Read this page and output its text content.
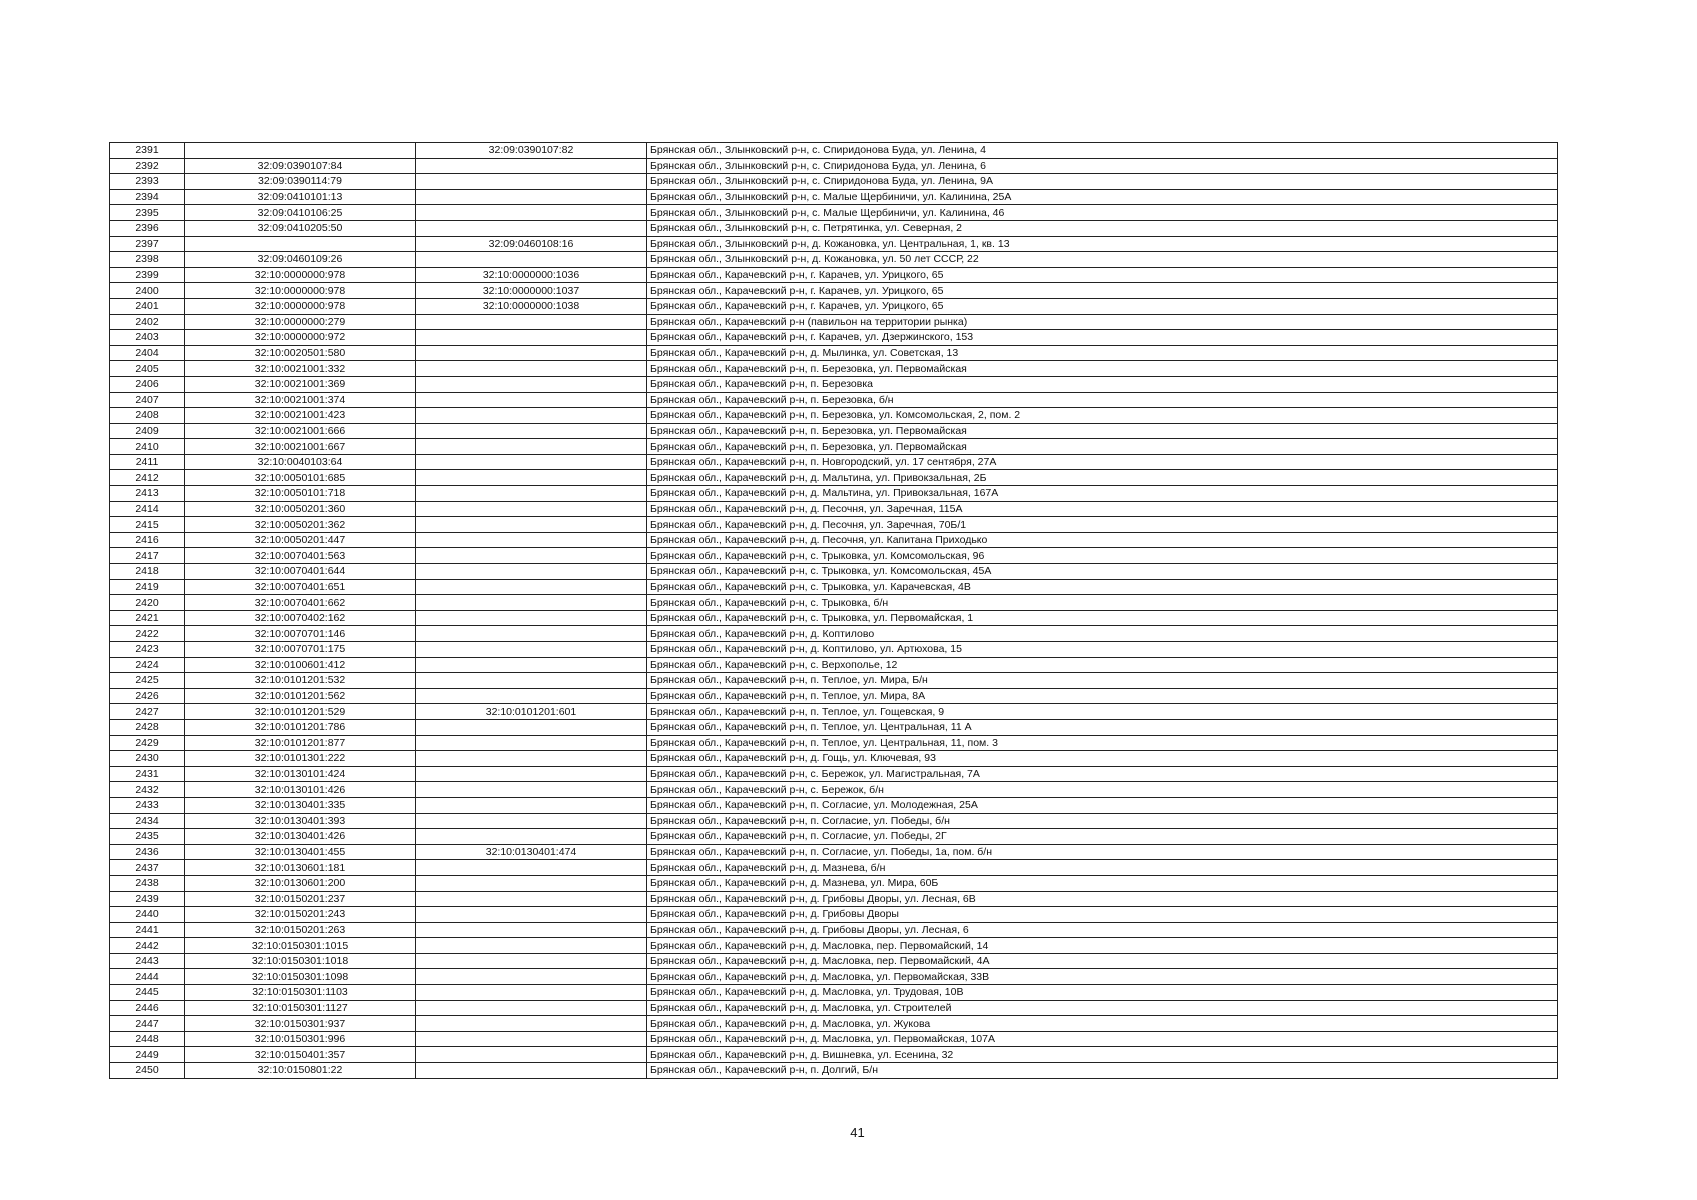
2391		32:09:0390107:82	Брянская обл., Злынковский р-н, с. Спиридонова Буда, ул. Ленина, 4
2392	32:09:0390107:84		Брянская обл., Злынковский р-н, с. Спиридонова Буда, ул. Ленина, 6
2393	32:09:0390114:79		Брянская обл., Злынковский р-н, с. Спиридонова Буда, ул. Ленина, 9А
2394	32:09:0410101:13		Брянская обл., Злынковский р-н, с. Малые Щербиничи, ул. Калинина, 25А
2395	32:09:0410106:25		Брянская обл., Злынковский р-н, с. Малые Щербиничи, ул. Калинина, 46
2396	32:09:0410205:50		Брянская обл., Злынковский р-н, с. Петрятинка, ул. Северная, 2
2397		32:09:0460108:16	Брянская обл., Злынковский р-н, д. Кожановка, ул. Центральная, 1, кв. 13
2398	32:09:0460109:26		Брянская обл., Злынковский р-н, д. Кожановка, ул. 50 лет СССР, 22
2399	32:10:0000000:978	32:10:0000000:1036	Брянская обл., Карачевский р-н, г. Карачев, ул. Урицкого, 65
2400	32:10:0000000:978	32:10:0000000:1037	Брянская обл., Карачевский р-н, г. Карачев, ул. Урицкого, 65
2401	32:10:0000000:978	32:10:0000000:1038	Брянская обл., Карачевский р-н, г. Карачев, ул. Урицкого, 65
2402	32:10:0000000:279		Брянская обл., Карачевский р-н (павильон на территории рынка)
2403	32:10:0000000:972		Брянская обл., Карачевский р-н, г. Карачев, ул. Дзержинского, 153
2404	32:10:0020501:580		Брянская обл., Карачевский р-н, д. Мылинка, ул. Советская, 13
2405	32:10:0021001:332		Брянская обл., Карачевский р-н, п. Березовка, ул. Первомайская
2406	32:10:0021001:369		Брянская обл., Карачевский р-н, п. Березовка
2407	32:10:0021001:374		Брянская обл., Карачевский р-н, п. Березовка, б/н
2408	32:10:0021001:423		Брянская обл., Карачевский р-н, п. Березовка, ул. Комсомольская, 2, пом. 2
2409	32:10:0021001:666		Брянская обл., Карачевский р-н, п. Березовка, ул. Первомайская
2410	32:10:0021001:667		Брянская обл., Карачевский р-н, п. Березовка, ул. Первомайская
2411	32:10:0040103:64		Брянская обл., Карачевский р-н, п. Новгородский, ул. 17 сентября, 27А
2412	32:10:0050101:685		Брянская обл., Карачевский р-н, д. Мальтина, ул. Привокзальная, 2Б
2413	32:10:0050101:718		Брянская обл., Карачевский р-н, д. Мальтина, ул. Привокзальная, 167А
2414	32:10:0050201:360		Брянская обл., Карачевский р-н, д. Песочня, ул. Заречная, 115А
2415	32:10:0050201:362		Брянская обл., Карачевский р-н, д. Песочня, ул. Заречная, 70Б/1
2416	32:10:0050201:447		Брянская обл., Карачевский р-н, д. Песочня, ул. Капитана Приходько
2417	32:10:0070401:563		Брянская обл., Карачевский р-н, с. Трыковка, ул. Комсомольская, 96
2418	32:10:0070401:644		Брянская обл., Карачевский р-н, с. Трыковка, ул. Комсомольская, 45А
2419	32:10:0070401:651		Брянская обл., Карачевский р-н, с. Трыковка, ул. Карачевская, 4В
2420	32:10:0070401:662		Брянская обл., Карачевский р-н, с. Трыковка, б/н
2421	32:10:0070402:162		Брянская обл., Карачевский р-н, с. Трыковка, ул. Первомайская, 1
2422	32:10:0070701:146		Брянская обл., Карачевский р-н, д. Коптилово
2423	32:10:0070701:175		Брянская обл., Карачевский р-н, д. Коптилово, ул. Артюхова, 15
2424	32:10:0100601:412		Брянская обл., Карачевский р-н, с. Верхополье, 12
2425	32:10:0101201:532		Брянская обл., Карачевский р-н, п. Теплое, ул. Мира, Б/н
2426	32:10:0101201:562		Брянская обл., Карачевский р-н, п. Теплое, ул. Мира, 8А
2427	32:10:0101201:529	32:10:0101201:601	Брянская обл., Карачевский р-н, п. Теплое, ул. Гощевская, 9
2428	32:10:0101201:786		Брянская обл., Карачевский р-н, п. Теплое, ул. Центральная, 11 А
2429	32:10:0101201:877		Брянская обл., Карачевский р-н, п. Теплое, ул. Центральная, 11, пом. 3
2430	32:10:0101301:222		Брянская обл., Карачевский р-н, д. Гощь, ул. Ключевая, 93
2431	32:10:0130101:424		Брянская обл., Карачевский р-н, с. Бережок, ул. Магистральная, 7А
2432	32:10:0130101:426		Брянская обл., Карачевский р-н, с. Бережок, б/н
2433	32:10:0130401:335		Брянская обл., Карачевский р-н, п. Согласие, ул. Молодежная, 25А
2434	32:10:0130401:393		Брянская обл., Карачевский р-н, п. Согласие, ул. Победы, б/н
2435	32:10:0130401:426		Брянская обл., Карачевский р-н, п. Согласие, ул. Победы, 2Г
2436	32:10:0130401:455	32:10:0130401:474	Брянская обл., Карачевский р-н, п. Согласие, ул. Победы, 1а, пом. б/н
2437	32:10:0130601:181		Брянская обл., Карачевский р-н, д. Мазнева, б/н
2438	32:10:0130601:200		Брянская обл., Карачевский р-н, д. Мазнева, ул. Мира, 60Б
2439	32:10:0150201:237		Брянская обл., Карачевский р-н, д. Грибовы Дворы, ул. Лесная, 6В
2440	32:10:0150201:243		Брянская обл., Карачевский р-н, д. Грибовы Дворы
2441	32:10:0150201:263		Брянская обл., Карачевский р-н, д. Грибовы Дворы, ул. Лесная, 6
2442	32:10:0150301:1015		Брянская обл., Карачевский р-н, д. Масловка, пер. Первомайский, 14
2443	32:10:0150301:1018		Брянская обл., Карачевский р-н, д. Масловка, пер. Первомайский, 4А
2444	32:10:0150301:1098		Брянская обл., Карачевский р-н, д. Масловка, ул. Первомайская, 33В
2445	32:10:0150301:1103		Брянская обл., Карачевский р-н, д. Масловка, ул. Трудовая, 10В
2446	32:10:0150301:1127		Брянская обл., Карачевский р-н, д. Масловка, ул. Строителей
2447	32:10:0150301:937		Брянская обл., Карачевский р-н, д. Масловка, ул. Жукова
2448	32:10:0150301:996		Брянская обл., Карачевский р-н, д. Масловка, ул. Первомайская, 107А
2449	32:10:0150401:357		Брянская обл., Карачевский р-н, д. Вишневка, ул. Есенина, 32
2450	32:10:0150801:22		Брянская обл., Карачевский р-н, п. Долгий, Б/н
41
